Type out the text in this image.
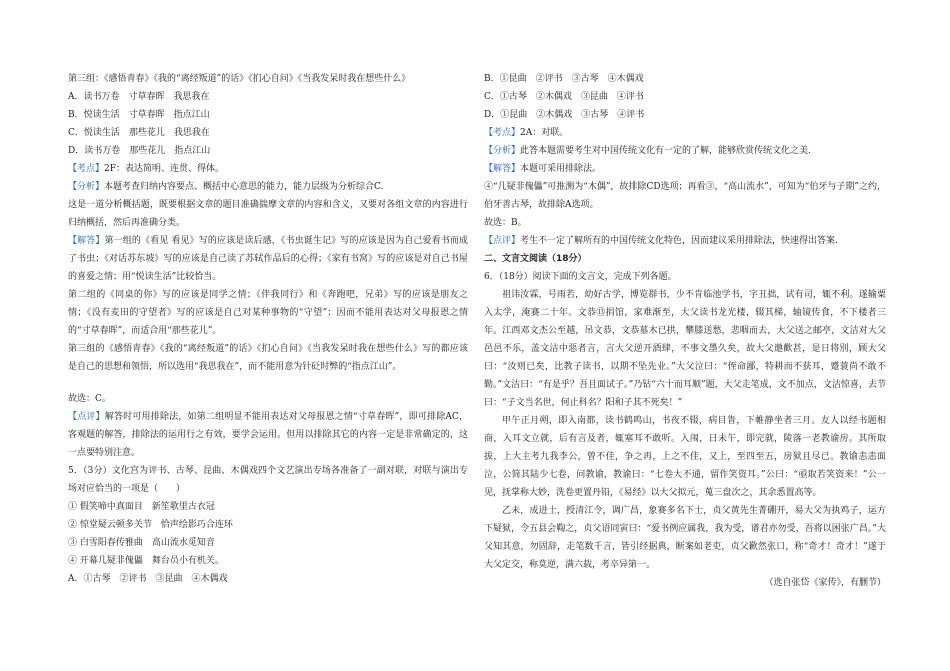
第三组：《感悟青春》《我的“离经叛道”的话》《扪心自问》《当我发呆时我在想些什么》
A．读书万卷　寸草春晖　我思我在
B．悦读生活　寸草春晖　指点江山
C．悦读生活　那些花儿　我思我在
D．读书万卷　那些花儿　指点江山
【考点】2F：表达简明、连贯、得体。
【分析】本题考查归纳内容要点、概括中心意思的能力，能力层级为分析综合C.
这是一道分析概括题，既要根据文章的题目准确揣摩文章的内容和含义，又要对各组文章的内容进行归纳概括，然后再准确分类。
【解答】第一组的《看见 看见》写的应该是读后感，《书虫诞生记》写的应该是因为自己爱看书而成了书虫；《对话苏东坡》写的应该是自己读了苏轼作品后的心得；《家有书窝》写的应该是对自己书屋的喜爱之情；用“悦读生活”比较恰当。
第二组的《同桌的你》写的应该是同学之情；《伴我同行》和《奔跑吧，兄弟》写的应该是朋友之情；《没有麦田的守望者》写的应该是自己对某种事物的“守望”；因而不能用表达对父母报恩之情的“寸草春晖”，而适合用“那些花儿”。
第三组的《感悟青春》《我的“离经叛道”的话》《扪心自问》《当我发呆时我在想些什么》写的都应该是自己的思想和领悟，所以选用“我思我在”，而不能用意为针砭时弊的“指点江山”。
故选：C。
【点评】解答时可用排除法，如第二组明显不能用表达对父母报恩之情“寸草春晖”，即可排除AC，客观题的解答，排除法的运用行之有效，要学会运用。但用以排除其它的内容一定是非常确定的，这一点要特别注意。
5．（3分）文化宫为评书、古琴、昆曲、木偶戏四个文艺演出专场各准备了一副对联，对联与演出专场对应恰当的一项是（　　）
① 假笑啼中真面目　新笙歌里古衣冠
② 惊堂疑云顿多关节　恰声绘影巧合连环
③ 白雪阳春传雅曲　高山流水觅知音
④ 开幕几疑非傀儡　舞台员小有机关。
A．①古琴　②评书　③昆曲　④木偶戏
B．①昆曲　②评书　③古琴　④木偶戏
C．①古琴　②木偶戏　③昆曲　④评书
D．①昆曲　②木偶戏　③古琴　④评书
【考点】2A：对联。
【分析】此答本题需要考生对中国传统文化有一定的了解，能够欣赏传统文化之美.
【解答】本题可采用排除法。
④“几疑非傀儡”可推测为“木偶”，故排除CD选项；再看③，“高山流水”，可知为“伯牙与子期”之约，伯牙善古琴，故排除A选项。
故选：B。
【点评】考生不一定了解所有的中国传统文化特色，因而建议采用排除法，快速得出答案.
二、文言文阅读（18分）
6．（18分）阅读下面的文言文，完成下列各题。
祖讳汝霖，号雨若，幼好古学，博览群书，少不肯临池学书，字丑拙，试有司，辄不利。遂输粟入太学，淹赛二十年。文恭⑬捐馆，家难渐至，大父读书龙光楼，辍其梯，轴镜传食，不下楼者三年。江西邓文杰公至越，吊文恭，文恭墓木已拱，攀膝送愁，悲咽而去，大父送之邮亭，文洁对大父邑邑不乐，盖文洁中惡者言，言大父逆开酒肆，不事文墨久矣，故大父邀歡甚，是日将別，顾大父曰：“汝则已矣，比教子读书，以期不坠先业。”大父泣曰：“侄命鄙，特耕而不获耳，蹙蓑尚不敢不勤。”文洁曰：“有是乎？吾且面试子。”乃钻“六十而耳顺”题，大父走笔成，文不加点，文洁惊喜，去节曰：“子文当名世，何止科名？阳和子其不死矣！”
甲午正月朔，即入南都，读书鹤鸣山，书夜不辍，病目眚，下帷静坐者三月。友人以经书题相商，入耳文立就，后有言及者，辄塞耳不敢听。入闱，日未午，即完就，陵落一老教谕房。其所取拔，上大主考九我李公，曾不佳，争之再，上之不佳，又上，至四至五，房狱且尽已。教谕恚恚面泣，公简其陆少七卷，问教谕，教谕曰：“七卷大不通，留作笑资耳。”公曰：“亟取若笑资来！”公一见，抚掌称大妙，洗卷更置丹铅，《易经》以大父拟元，蒐三盘次之，其余悉置高等。
乙未，成进士，授清江令，调广昌，象赛多名下士，贞父黄先生菁硼开，易大父为执鸡子，运方下疑狱，令五县会鞫之，贞父语同寅曰：“爱书例应属我，我为受，谱君亦勿受，吾将以困张广昌。”大父知其意，勿固辞，走笔数千言，皆引经据典，断案如老吏，贞父歉然张口，称“奇才！奇才！”遂于大父定交，称莫逆，满六载，考卒异第一。
（选自张岱《家传》，有删节）
